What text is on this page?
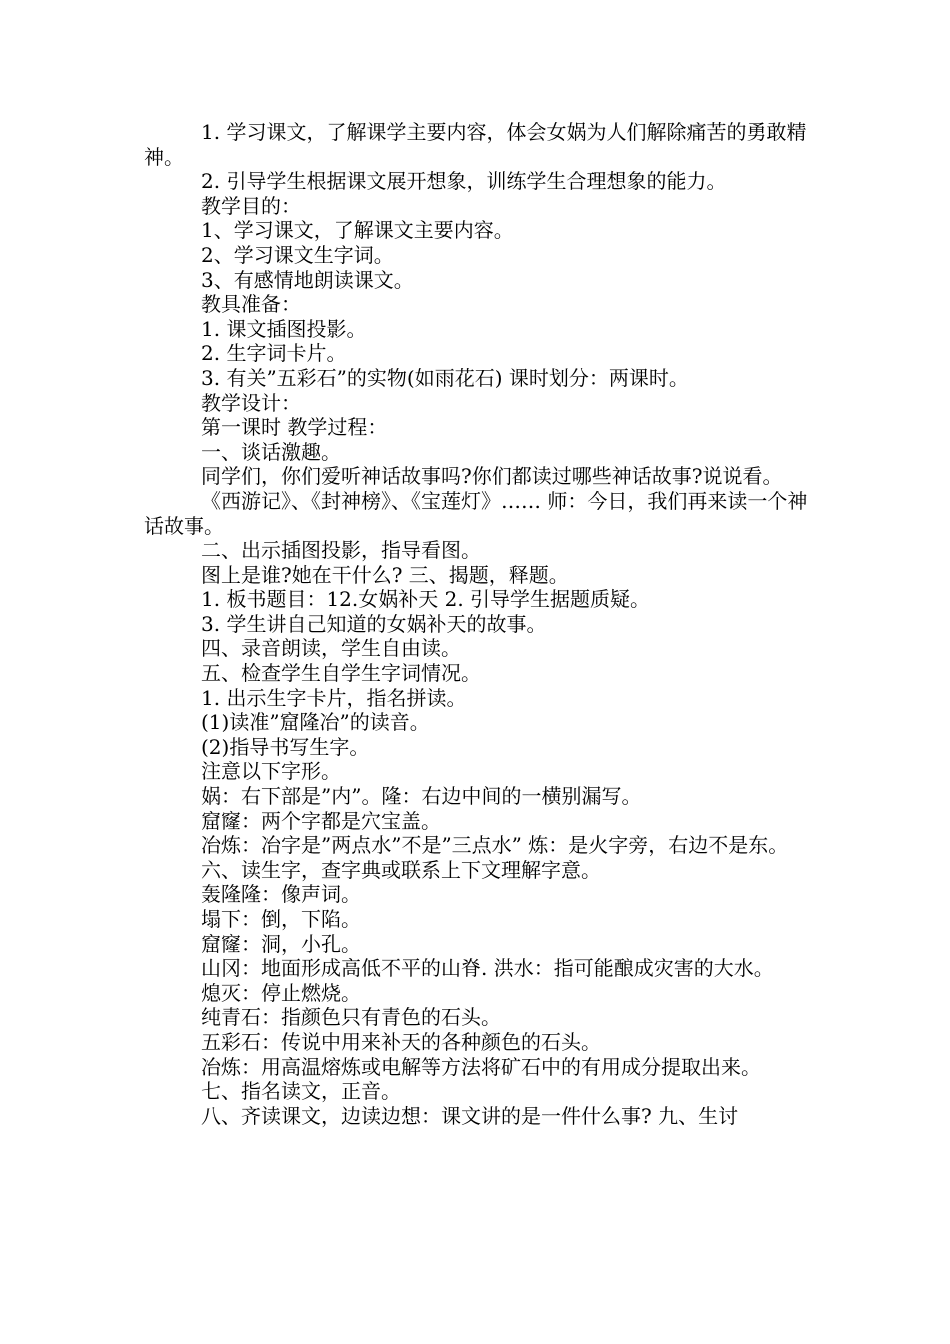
1. 学习课文，了解课学主要内容，体会女娲为人们解除痛苦的勇敢精神。

2. 引导学生根据课文展开想象，训练学生合理想象的能力。

教学目的：

1、学习课文，了解课文主要内容。

2、学习课文生字词。

3、有感情地朗读课文。

教具准备：

1. 课文插图投影。

2. 生字词卡片。

3. 有关”五彩石”的实物(如雨花石) 课时划分：两课时。

教学设计：

第一课时 教学过程：

一、谈话激趣。

同学们，你们爱听神话故事吗?你们都读过哪些神话故事?说说看。

《西游记》、《封神榜》、《宝莲灯》…… 师：今日，我们再来读一个神话故事。

二、出示插图投影，指导看图。

图上是谁?她在干什么? 三、揭题，释题。

1. 板书题目：12.女娲补天 2. 引导学生据题质疑。

3. 学生讲自己知道的女娲补天的故事。

四、录音朗读，学生自由读。

五、检查学生自学生字词情况。

1. 出示生字卡片，指名拼读。

(1)读准”窟隆冶”的读音。

(2)指导书写生字。

注意以下字形。

娲：右下部是”内”。隆：右边中间的一横别漏写。

窟窿：两个字都是穴宝盖。

冶炼：冶字是”两点水”不是”三点水” 炼：是火字旁，右边不是东。

六、读生字，查字典或联系上下文理解字意。

轰隆隆：像声词。

塌下：倒，下陷。

窟窿：洞，小孔。

山冈：地面形成高低不平的山脊. 洪水：指可能酿成灾害的大水。

熄灭：停止燃烧。

纯青石：指颜色只有青色的石头。

五彩石：传说中用来补天的各种颜色的石头。

冶炼：用高温熔炼或电解等方法将矿石中的有用成分提取出来。

七、指名读文，正音。

八、齐读课文，边读边想：课文讲的是一件什么事? 九、生讨
